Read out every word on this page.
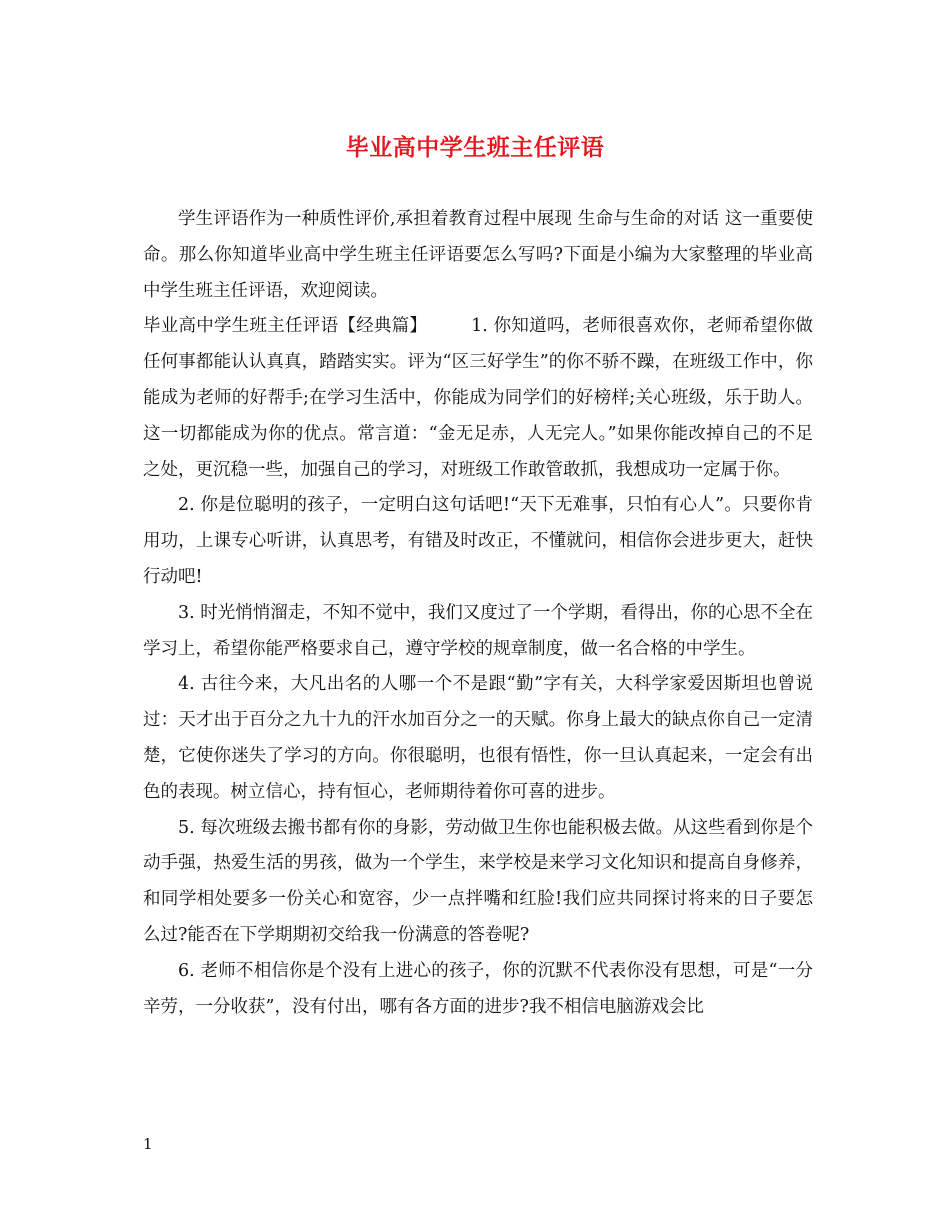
毕业高中学生班主任评语

学生评语作为一种质性评价,承担着教育过程中展现 生命与生命的对话 这一重要使命。那么你知道毕业高中学生班主任评语要怎么写吗?下面是小编为大家整理的毕业高中学生班主任评语，欢迎阅读。

毕业高中学生班主任评语【经典篇】	1. 你知道吗，老师很喜欢你，老师希望你做任何事都能认认真真，踏踏实实。评为“区三好学生”的你不骄不躁，在班级工作中，你能成为老师的好帮手;在学习生活中，你能成为同学们的好榜样;关心班级，乐于助人。这一切都能成为你的优点。常言道：“金无足赤，人无完人。”如果你能改掉自己的不足之处，更沉稳一些，加强自己的学习，对班级工作敢管敢抓，我想成功一定属于你。

2. 你是位聪明的孩子，一定明白这句话吧!“天下无难事，只怕有心人”。只要你肯用功，上课专心听讲，认真思考，有错及时改正，不懂就问，相信你会进步更大，赶快行动吧!

3. 时光悄悄溜走，不知不觉中，我们又度过了一个学期，看得出，你的心思不全在学习上，希望你能严格要求自己，遵守学校的规章制度，做一名合格的中学生。

4. 古往今来，大凡出名的人哪一个不是跟“勤”字有关，大科学家爱因斯坦也曾说过：天才出于百分之九十九的汗水加百分之一的天赋。你身上最大的缺点你自己一定清楚，它使你迷失了学习的方向。你很聪明，也很有悟性，你一旦认真起来，一定会有出色的表现。树立信心，持有恒心，老师期待着你可喜的进步。

5. 每次班级去搬书都有你的身影，劳动做卫生你也能积极去做。从这些看到你是个动手强，热爱生活的男孩，做为一个学生，来学校是来学习文化知识和提高自身修养，和同学相处要多一份关心和宽容，少一点拌嘴和红脸!我们应共同探讨将来的日子要怎么过?能否在下学期期初交给我一份满意的答卷呢?

6. 老师不相信你是个没有上进心的孩子，你的沉默不代表你没有思想，可是“一分辛劳，一分收获”，没有付出，哪有各方面的进步?我不相信电脑游戏会比

1
